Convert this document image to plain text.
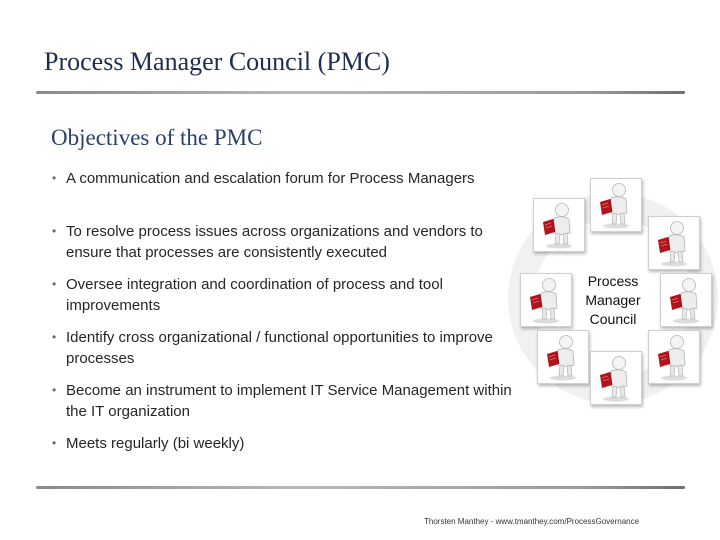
Process Manager Council (PMC)
Objectives of the PMC
• A communication and escalation forum for Process Managers
• To resolve process issues across organizations and vendors to ensure that processes are consistently executed
• Oversee integration and coordination of process and tool improvements
• Identify cross organizational / functional opportunities to improve processes
• Become an instrument to implement IT Service Management within the IT organization
• Meets regularly (bi weekly)
Process Manager Council
Thorsten Manthey - www.tmanthey.com/ProcessGovernance
